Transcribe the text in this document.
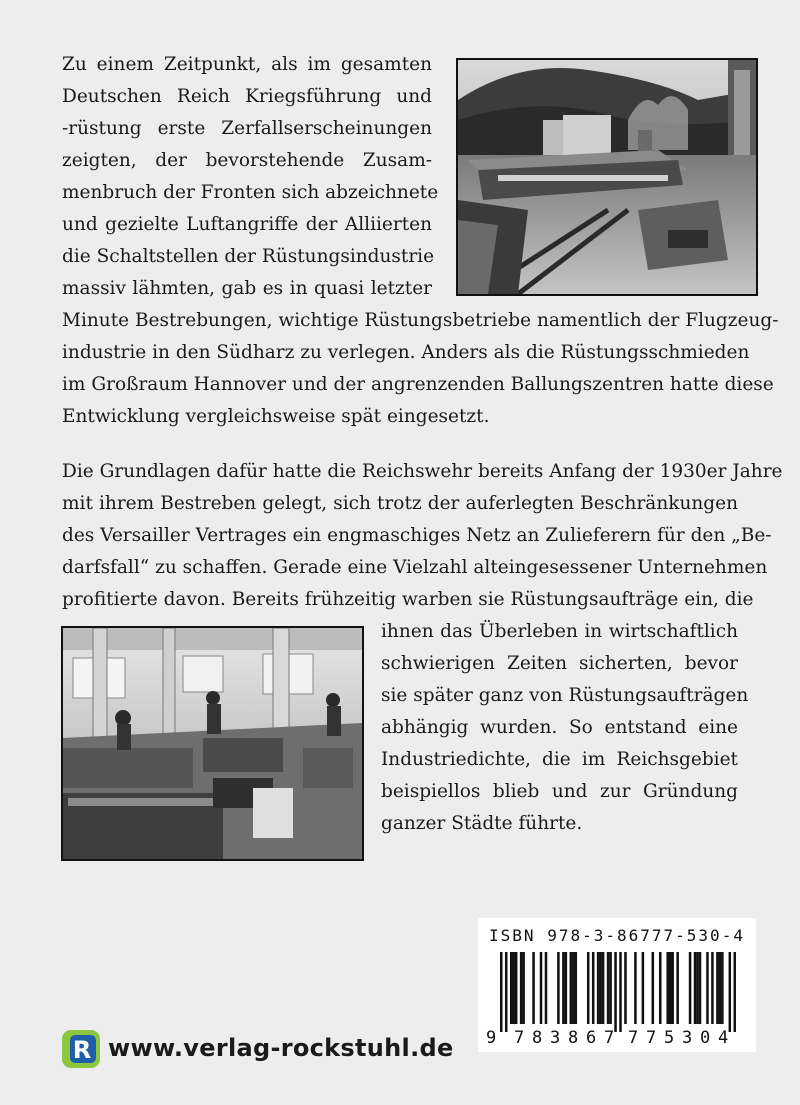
Zu einem Zeitpunkt, als im gesamten

Deutschen Reich Kriegsführung und

-rüstung erste Zerfallserscheinungen

zeigten, der bevorstehende Zusam-

menbruch der Fronten sich abzeichnete

und gezielte Luftangriffe der Alliierten

die Schaltstellen der Rüstungsindustrie

massiv lähmten, gab es in quasi letzter

Minute Bestrebungen, wichtige Rüstungsbetriebe namentlich der Flugzeug-

industrie in den Südharz zu verlegen. Anders als die Rüstungsschmieden

im Großraum Hannover und der angrenzenden Ballungszentren hatte diese

Entwicklung vergleichsweise spät eingesetzt.

Die Grundlagen dafür hatte die Reichswehr bereits Anfang der 1930er Jahre

mit ihrem Bestreben gelegt, sich trotz der auferlegten Beschränkungen

des Versailler Vertrages ein engmaschiges Netz an Zulieferern für den „Be-

darfsfall“ zu schaffen. Gerade eine Vielzahl alteingesessener Unternehmen

profitierte davon. Bereits frühzeitig warben sie Rüstungsaufträge ein, die

ihnen das Überleben in wirtschaftlich

schwierigen Zeiten sicherten, bevor

sie später ganz von Rüstungsaufträgen

abhängig wurden. So entstand eine

Industriedichte, die im Reichsgebiet

beispiellos blieb und zur Gründung

ganzer Städte führte.

ISBN 978-3-86777-530-4
9 7 8 3 8 6 7 7 7 5 3 0 4
R www.verlag-rockstuhl.de
